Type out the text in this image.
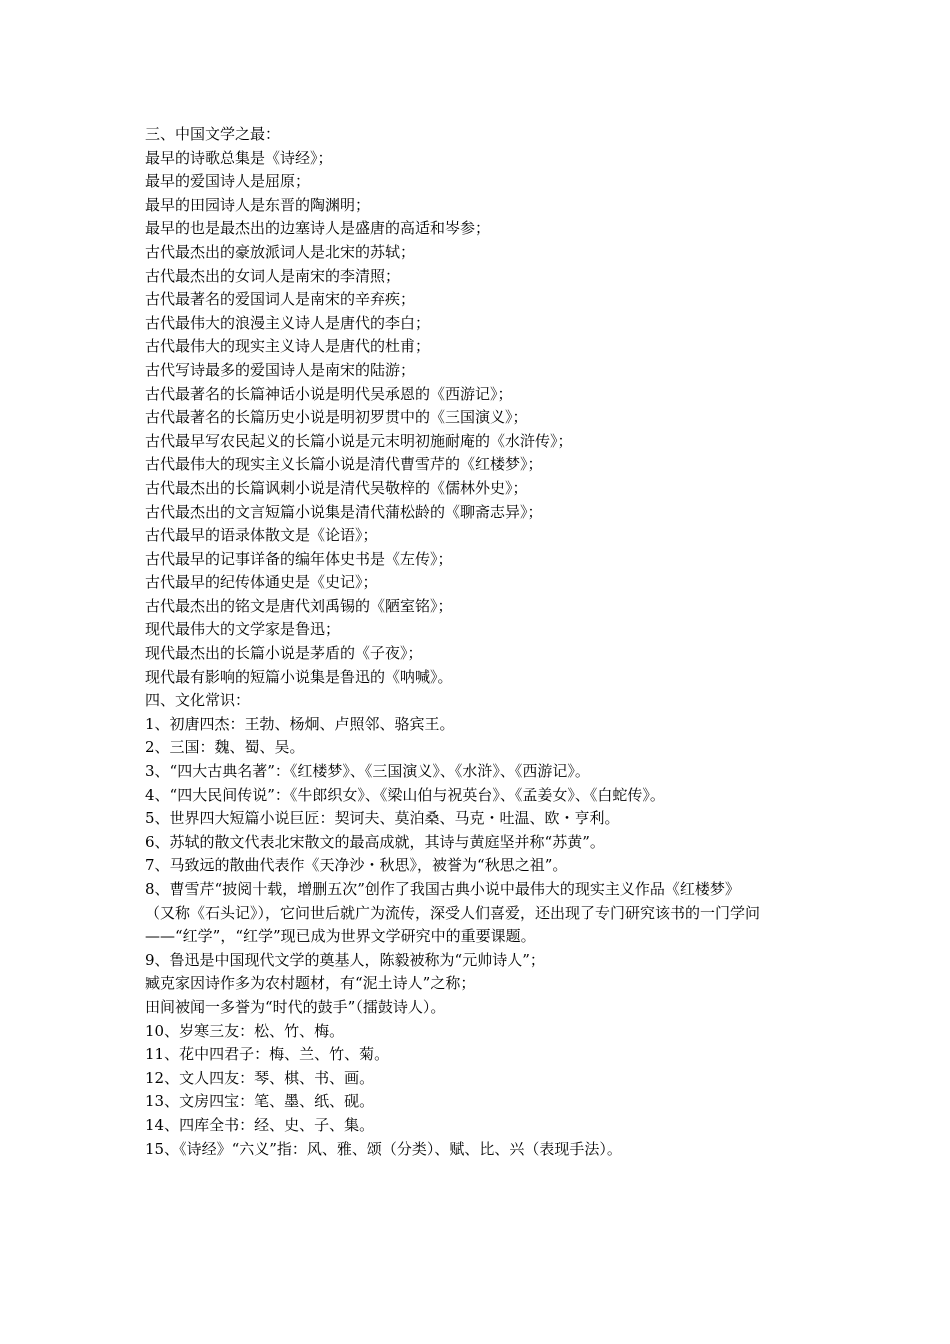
三、中国文学之最：
最早的诗歌总集是《诗经》；
最早的爱国诗人是屈原；
最早的田园诗人是东晋的陶渊明；
最早的也是最杰出的边塞诗人是盛唐的高适和岑参；
古代最杰出的豪放派词人是北宋的苏轼；
古代最杰出的女词人是南宋的李清照；
古代最著名的爱国词人是南宋的辛弃疾；
古代最伟大的浪漫主义诗人是唐代的李白；
古代最伟大的现实主义诗人是唐代的杜甫；
古代写诗最多的爱国诗人是南宋的陆游；
古代最著名的长篇神话小说是明代吴承恩的《西游记》；
古代最著名的长篇历史小说是明初罗贯中的《三国演义》；
古代最早写农民起义的长篇小说是元末明初施耐庵的《水浒传》；
古代最伟大的现实主义长篇小说是清代曹雪芹的《红楼梦》；
古代最杰出的长篇讽刺小说是清代吴敬梓的《儒林外史》；
古代最杰出的文言短篇小说集是清代蒲松龄的《聊斋志异》；
古代最早的语录体散文是《论语》；
古代最早的记事详备的编年体史书是《左传》；
古代最早的纪传体通史是《史记》；
古代最杰出的铭文是唐代刘禹锡的《陋室铭》；
现代最伟大的文学家是鲁迅；
现代最杰出的长篇小说是茅盾的《子夜》；
现代最有影响的短篇小说集是鲁迅的《呐喊》。
四、文化常识：
1、初唐四杰：王勃、杨炯、卢照邻、骆宾王。
2、三国：魏、蜀、吴。
3、“四大古典名著”：《红楼梦》、《三国演义》、《水浒》、《西游记》。
4、“四大民间传说”：《牛郎织女》、《梁山伯与祝英台》、《孟姜女》、《白蛇传》。
5、世界四大短篇小说巨匠：契诃夫、莫泊桑、马克・吐温、欧・亨利。
6、苏轼的散文代表北宋散文的最高成就，其诗与黄庭坚并称“苏黄”。
7、马致远的散曲代表作《天净沙・秋思》，被誉为“秋思之祖”。
8、曹雪芹“披阅十载，增删五次”创作了我国古典小说中最伟大的现实主义作品《红楼梦》
（又称《石头记》），它问世后就广为流传，深受人们喜爱，还出现了专门研究该书的一门学问
——“红学”，“红学”现已成为世界文学研究中的重要课题。
9、鲁迅是中国现代文学的奠基人，陈毅被称为“元帅诗人”；
臧克家因诗作多为农村题材，有“泥土诗人”之称；
田间被闻一多誉为“时代的鼓手”（擂鼓诗人）。
10、岁寒三友：松、竹、梅。
11、花中四君子：梅、兰、竹、菊。
12、文人四友：琴、棋、书、画。
13、文房四宝：笔、墨、纸、砚。
14、四库全书：经、史、子、集。
15、《诗经》“六义”指：风、雅、颂（分类）、赋、比、兴（表现手法）。
